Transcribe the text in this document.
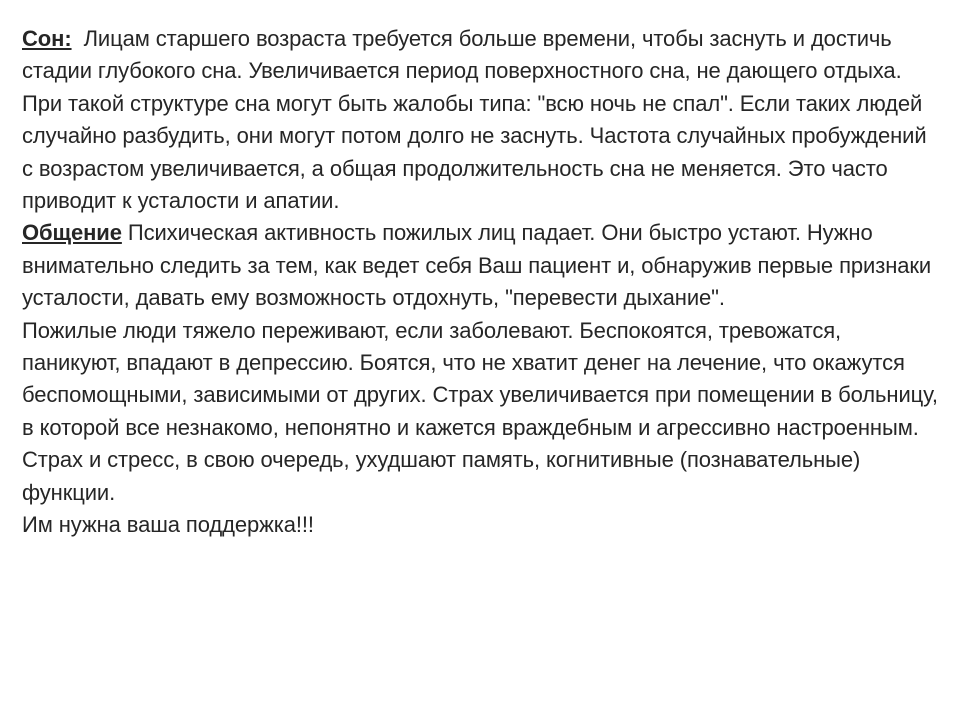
Сон:  Лицам старшего возраста требуется больше времени, чтобы заснуть и достичь стадии глубокого сна. Увеличивается период поверхностного сна, не дающего отдыха. При такой структуре сна могут быть жалобы типа: "всю ночь не спал". Если таких людей случайно разбудить, они могут потом долго не заснуть. Частота случайных пробуждений с возрастом увеличивается, а общая продолжительность сна не меняется. Это часто приводит к усталости и апатии.

Общение Психическая активность пожилых лиц падает. Они быстро устают. Нужно внимательно следить за тем, как ведет себя Ваш пациент и, обнаружив первые признаки усталости, давать ему возможность отдохнуть, "перевести дыхание".

Пожилые люди тяжело переживают, если заболевают. Беспокоятся, тревожатся, паникуют, впадают в депрессию. Боятся, что не хватит денег на лечение, что окажутся беспомощными, зависимыми от других. Страх увеличивается при помещении в больницу, в которой все незнакомо, непонятно и кажется враждебным и агрессивно настроенным. Страх и стресс, в свою очередь, ухудшают память, когнитивные (познавательные) функции.

Им нужна ваша поддержка!!!
